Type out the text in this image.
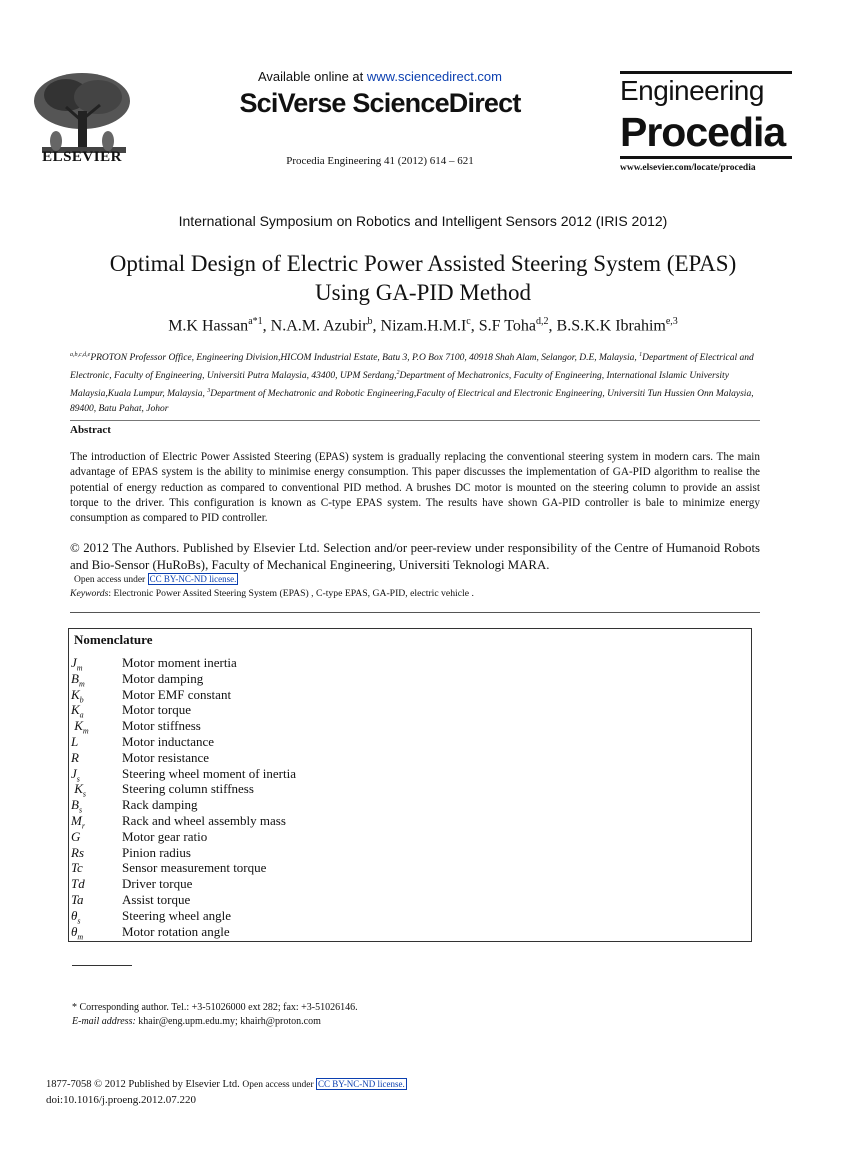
ELSEVIER
Available online at www.sciencedirect.com
SciVerse ScienceDirect
Procedia Engineering 41 (2012) 614 – 621
Engineering
Procedia
www.elsevier.com/locate/procedia
International Symposium on Robotics and Intelligent Sensors 2012 (IRIS 2012)
Optimal Design of Electric Power Assisted Steering System (EPAS)
Using GA-PID Method
M.K Hassan$^{a*1}$, N.A.M. Azubir$^b$, $Nizam.H.M.I^c$, S.F Toha$^{d,2}$, B.S.K.K Ibrahim$^{e,3}$
$^{a,b,c,d,e}$PROTON Professor Office, Engineering Division,HICOM Industrial Estate, Batu 3, P.O Box 7100, 40918 Shah Alam, Selangor, D.E, Malaysia, $^1$Department of Electrical and Electronic, Faculty of Engineering, Universiti Putra Malaysia, 43400, UPM Serdang,$^2$Department of Mechatronics, Faculty of Engineering, International Islamic University Malaysia,Kuala Lumpur, Malaysia, $^3$Department of Mechatronic and Robotic Engineering,Faculty of Electrical and Electronic Engineering, Universiti Tun Hussien Onn Malaysia, 89400, Batu Pahat, Johor
Abstract
The introduction of Electric Power Assisted Steering (EPAS) system is gradually replacing the conventional steering system in modern cars. The main advantage of EPAS system is the ability to minimise energy consumption. This paper discusses the implementation of GA-PID algorithm to realise the potential of energy reduction as compared to conventional PID method. A brushes DC motor is mounted on the steering column to provide an assist torque to the driver. This configuration is known as C-type EPAS system. The results have shown GA-PID controller is bale to minimize energy consumption as compared to PID controller.
© 2012 The Authors. Published by Elsevier Ltd. Selection and/or peer-review under responsibility of the Centre of Humanoid Robots and Bio-Sensor (HuRoBs), Faculty of Mechanical Engineering, Universiti Teknologi MARA.
Open access under CC BY-NC-ND license.
Keywords: Electronic Power Assited Steering System (EPAS) , C-type EPAS, GA-PID, electric vehicle .
Nomenclature
$J_m$	Motor moment inertia
$B_m$	Motor damping
$K_b$	Motor EMF constant
$K_a$	Motor torque
$K_m$	Motor stiffness
L	Motor inductance
R	Motor resistance
$J_s$	Steering wheel moment of inertia
$K_s$	Steering column stiffness
$B_s$	Rack damping
$M_r$	Rack and wheel assembly mass
G	Motor gear ratio
Rs	Pinion radius
Tc	Sensor measurement torque
Td	Driver torque
Ta	Assist torque
$\theta_s$	Steering wheel angle
$\theta_m$	Motor rotation angle
* Corresponding author. Tel.: +3-51026000 ext 282; fax: +3-51026146.
E-mail address: khair@eng.upm.edu.my; khairh@proton.com
1877-7058 © 2012 Published by Elsevier Ltd. Open access under CC BY-NC-ND license.
doi:10.1016/j.proeng.2012.07.220
